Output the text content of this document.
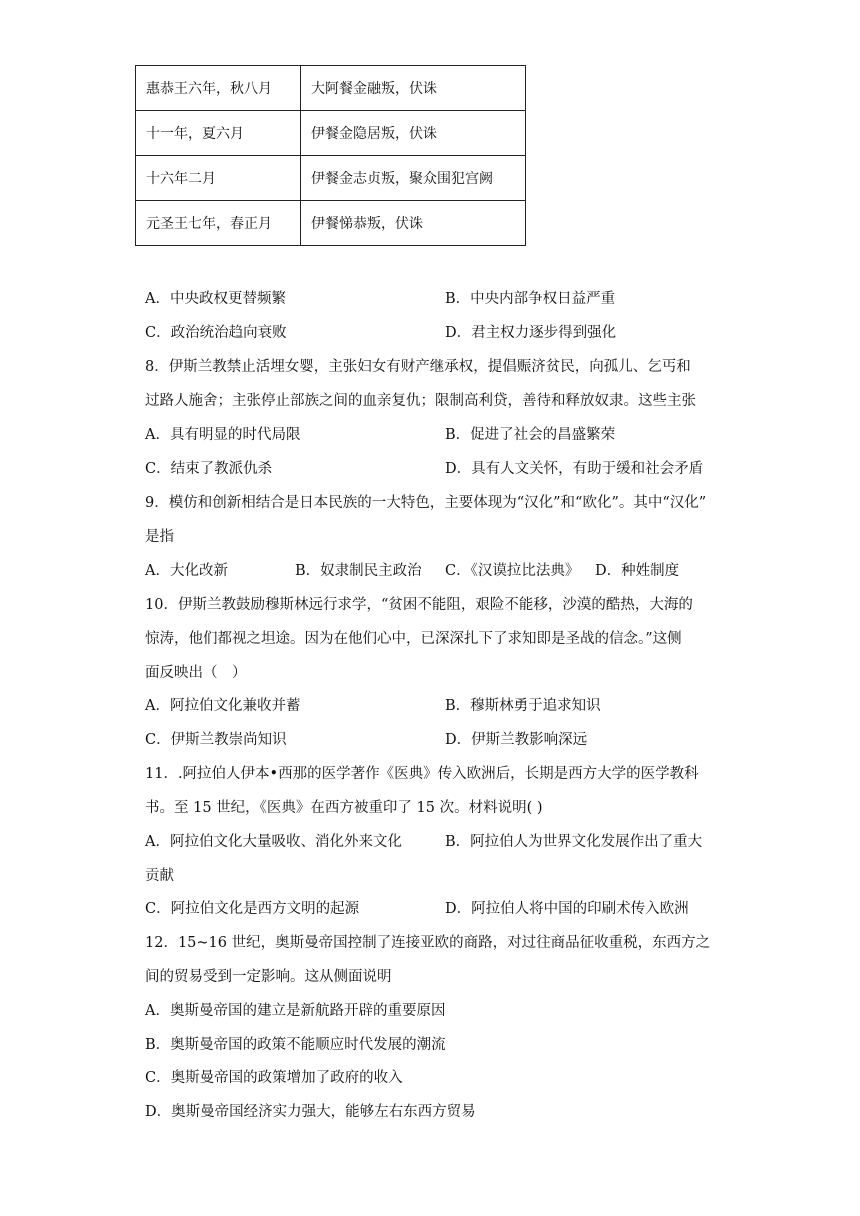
惠恭王六年，秋八月	大阿餐金融叛，伏诛
十一年，夏六月	伊餐金隐居叛，伏诛
十六年二月	伊餐金志贞叛，聚众围犯宫阙
元圣王七年，春正月	伊餐悌恭叛，伏诛
A．中央政权更替频繁	B．中央内部争权日益严重
C．政治统治趋向衰败	D．君主权力逐步得到强化
8．伊斯兰教禁止活埋女婴，主张妇女有财产继承权，提倡赈济贫民，向孤儿、乞丐和
过路人施舍；主张停止部族之间的血亲复仇；限制高利贷，善待和释放奴隶。这些主张
A．具有明显的时代局限	B．促进了社会的昌盛繁荣
C．结束了教派仇杀	D．具有人文关怀，有助于缓和社会矛盾
9．模仿和创新相结合是日本民族的一大特色，主要体现为“汉化”和“欧化”。其中“汉化”
是指
A．大化改新	B．奴隶制民主政治 C．《汉谟拉比法典》 D．种姓制度
10．伊斯兰教鼓励穆斯林远行求学，“贫困不能阻，艰险不能移，沙漠的酷热，大海的
惊涛，他们都视之坦途。因为在他们心中，已深深扎下了求知即是圣战的信念。”这侧
面反映出（　）
A．阿拉伯文化兼收并蓄	B．穆斯林勇于追求知识
C．伊斯兰教崇尚知识	D．伊斯兰教影响深远
11．.阿拉伯人伊本•西那的医学著作《医典》传入欧洲后，长期是西方大学的医学教科
书。至 15 世纪，《医典》在西方被重印了 15 次。材料说明( )
A．阿拉伯文化大量吸收、消化外来文化	B．阿拉伯人为世界文化发展作出了重大
贡献
C．阿拉伯文化是西方文明的起源	D．阿拉伯人将中国的印刷术传入欧洲
12．15~16 世纪，奥斯曼帝国控制了连接亚欧的商路，对过往商品征收重税，东西方之
间的贸易受到一定影响。这从侧面说明
A．奥斯曼帝国的建立是新航路开辟的重要原因
B．奥斯曼帝国的政策不能顺应时代发展的潮流
C．奥斯曼帝国的政策增加了政府的收入
D．奥斯曼帝国经济实力强大，能够左右东西方贸易
